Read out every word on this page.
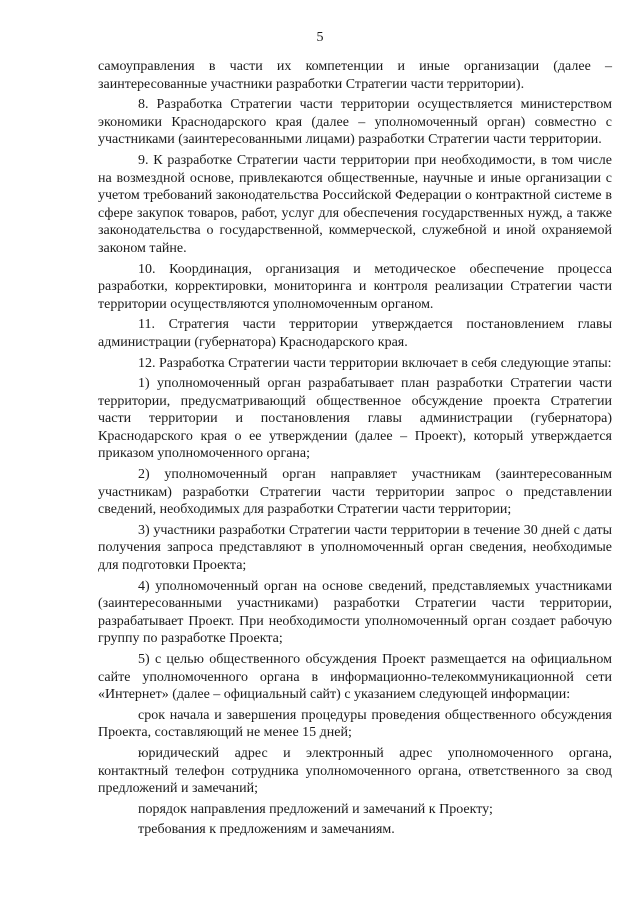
5

самоуправления в части их компетенции и иные организации (далее – заинтересованные участники разработки Стратегии части территории).

8. Разработка Стратегии части территории осуществляется министерством экономики Краснодарского края (далее – уполномоченный орган) совместно с участниками (заинтересованными лицами) разработки Стратегии части территории.

9. К разработке Стратегии части территории при необходимости, в том числе на возмездной основе, привлекаются общественные, научные и иные организации с учетом требований законодательства Российской Федерации о контрактной системе в сфере закупок товаров, работ, услуг для обеспечения государственных нужд, а также законодательства о государственной, коммерческой, служебной и иной охраняемой законом тайне.

10. Координация, организация и методическое обеспечение процесса разработки, корректировки, мониторинга и контроля реализации Стратегии части территории осуществляются уполномоченным органом.

11. Стратегия части территории утверждается постановлением главы администрации (губернатора) Краснодарского края.

12. Разработка Стратегии части территории включает в себя следующие этапы:

1) уполномоченный орган разрабатывает план разработки Стратегии части территории, предусматривающий общественное обсуждение проекта Стратегии части территории и постановления главы администрации (губернатора) Краснодарского края о ее утверждении (далее – Проект), который утверждается приказом уполномоченного органа;

2) уполномоченный орган направляет участникам (заинтересованным участникам) разработки Стратегии части территории запрос о представлении сведений, необходимых для разработки Стратегии части территории;

3) участники разработки Стратегии части территории в течение 30 дней с даты получения запроса представляют в уполномоченный орган сведения, необходимые для подготовки Проекта;

4) уполномоченный орган на основе сведений, представляемых участниками (заинтересованными участниками) разработки Стратегии части территории, разрабатывает Проект. При необходимости уполномоченный орган создает рабочую группу по разработке Проекта;

5) с целью общественного обсуждения Проект размещается на официальном сайте уполномоченного органа в информационно-телекоммуникационной сети «Интернет» (далее – официальный сайт) с указанием следующей информации:

срок начала и завершения процедуры проведения общественного обсуждения Проекта, составляющий не менее 15 дней;

юридический адрес и электронный адрес уполномоченного органа, контактный телефон сотрудника уполномоченного органа, ответственного за свод предложений и замечаний;

порядок направления предложений и замечаний к Проекту;

требования к предложениям и замечаниям.
